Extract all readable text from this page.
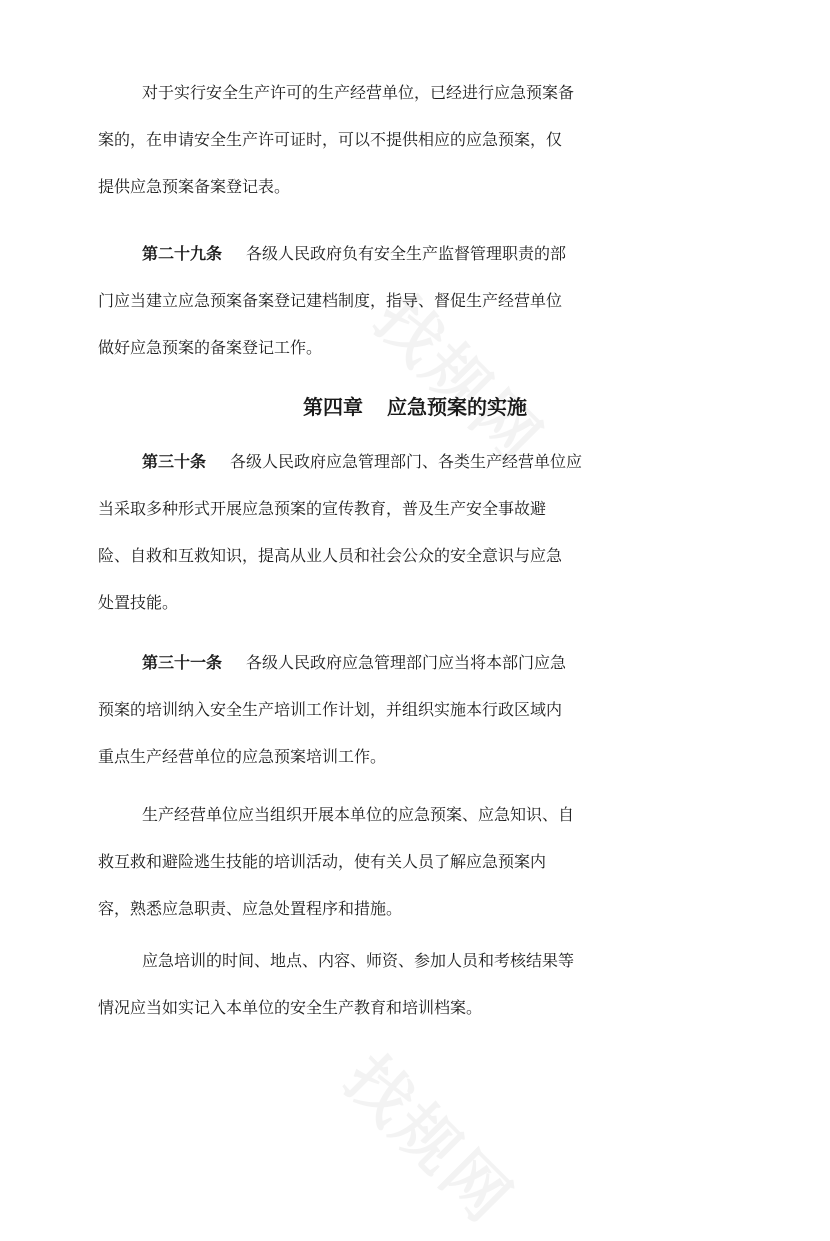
对于实行安全生产许可的生产经营单位，已经进行应急预案备
案的，在申请安全生产许可证时，可以不提供相应的应急预案，仅
提供应急预案备案登记表。
第二十九条 各级人民政府负有安全生产监督管理职责的部
门应当建立应急预案备案登记建档制度，指导、督促生产经营单位
做好应急预案的备案登记工作。
第四章 应急预案的实施
第三十条 各级人民政府应急管理部门、各类生产经营单位应
当采取多种形式开展应急预案的宣传教育，普及生产安全事故避
险、自救和互救知识，提高从业人员和社会公众的安全意识与应急
处置技能。
第三十一条 各级人民政府应急管理部门应当将本部门应急
预案的培训纳入安全生产培训工作计划，并组织实施本行政区域内
重点生产经营单位的应急预案培训工作。
生产经营单位应当组织开展本单位的应急预案、应急知识、自
救互救和避险逃生技能的培训活动，使有关人员了解应急预案内
容，熟悉应急职责、应急处置程序和措施。
应急培训的时间、地点、内容、师资、参加人员和考核结果等
情况应当如实记入本单位的安全生产教育和培训档案。
